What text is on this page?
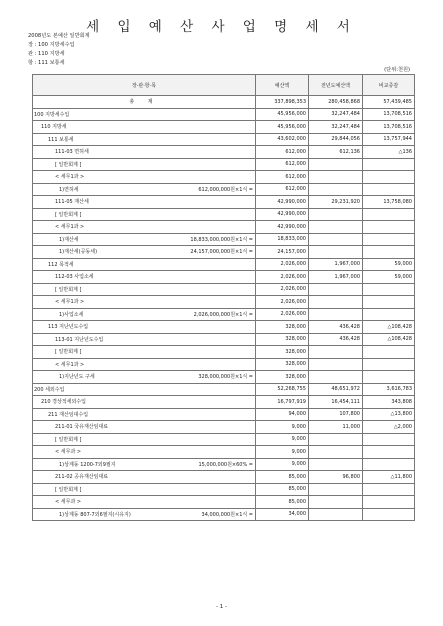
세 입 예 산 사 업 명 세 서
2008년도 본예산 일반회계
장 : 100 지방세수입
관 : 110 지방세
항 : 111 보통세
(단위:천원)
장·관·항·목	예산액	전년도예산액	비교증감
총 계	337,898,353	280,458,868	57,439,485
100 지방세수입	45,956,000	32,247,484	13,708,516
110 지방세	45,956,000	32,247,484	13,708,516
111 보통세	43,602,000	29,844,056	13,757,944
111-03 면허세	612,000	612,136	△136
[ 일반회계 ]	612,000		
< 세무1과 >	612,000		

1)면허세 612,000,000원×1식 =	612,000		
111-05 재산세	42,990,000	29,231,920	13,758,080
[ 일반회계 ]	42,990,000		
< 세무1과 >	42,990,000		

1)재산세 18,833,000,000원×1식 =	18,833,000		

1)재산세(공동세) 24,157,000,000원×1식 =	24,157,000		
112 목적세	2,026,000	1,967,000	59,000
112-03 사업소세	2,026,000	1,967,000	59,000
[ 일반회계 ]	2,026,000		
< 세무1과 >	2,026,000		

1)사업소세 2,026,000,000원×1식 =	2,026,000		
113 지난년도수입	328,000	436,428	△108,428
113-01 지난년도수입	328,000	436,428	△108,428
[ 일반회계 ]	328,000		
< 세무1과 >	328,000		

1)지난년도 구세 328,000,000원×1식 =	328,000		
200 세외수입	52,268,755	48,651,972	3,616,783
210 경상적세외수입	16,797,919	16,454,111	343,808
211 재산임대수입	94,000	107,800	△13,800
211-01 국유재산임대료	9,000	11,000	△2,000
[ 일반회계 ]	9,000		
< 세무과 >	9,000		

1)상계동 1200-7외9필지 15,000,000원×60% =	9,000		
211-02 공유재산임대료	85,000	96,800	△11,800
[ 일반회계 ]	85,000		
< 세무과 >	85,000		

1)상계동 807-7외6필지(시유지) 34,000,000원×1식 =	34,000		
- 1 -
